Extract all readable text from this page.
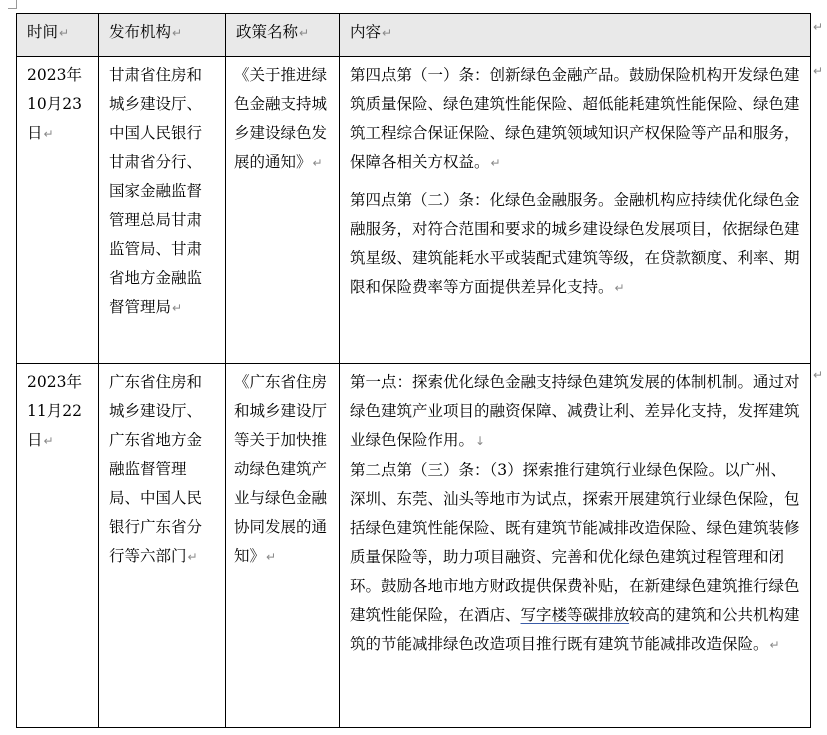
时间↵	发布机构↵	政策名称↵	内容↵
2023年10月23日↵	甘肃省住房和城乡建设厅、中国人民银行甘肃省分行、国家金融监督管理总局甘肃监管局、甘肃省地方金融监督管理局↵	《关于推进绿色金融支持城乡建设绿色发展的通知》↵	第四点第（一）条：创新绿色金融产品。鼓励保险机构开发绿色建筑质量保险、绿色建筑性能保险、超低能耗建筑性能保险、绿色建筑工程综合保证保险、绿色建筑领域知识产权保险等产品和服务，保障各相关方权益。↵

第四点第（二）条：化绿色金融服务。金融机构应持续优化绿色金融服务，对符合范围和要求的城乡建设绿色发展项目，依据绿色建筑星级、建筑能耗水平或装配式建筑等级，在贷款额度、利率、期限和保险费率等方面提供差异化支持。↵

2023年11月22日↵	广东省住房和城乡建设厅、广东省地方金融监督管理局、中国人民银行广东省分行等六部门↵	《广东省住房和城乡建设厅等关于加快推动绿色建筑产业与绿色金融协同发展的通知》↵	第一点：探索优化绿色金融支持绿色建筑发展的体制机制。通过对绿色建筑产业项目的融资保障、减费让利、差异化支持，发挥建筑业绿色保险作用。↓

第二点第（三）条：（3）探索推行建筑行业绿色保险。以广州、深圳、东莞、汕头等地市为试点，探索开展建筑行业绿色保险，包括绿色建筑性能保险、既有建筑节能减排改造保险、绿色建筑装修质量保险等，助力项目融资、完善和优化绿色建筑过程管理和闭环。鼓励各地市地方财政提供保费补贴，在新建绿色建筑推行绿色建筑性能保险，在酒店、写字楼等碳排放较高的建筑和公共机构建筑的节能减排绿色改造项目推行既有建筑节能减排改造保险。↵

↵
↵
↵
